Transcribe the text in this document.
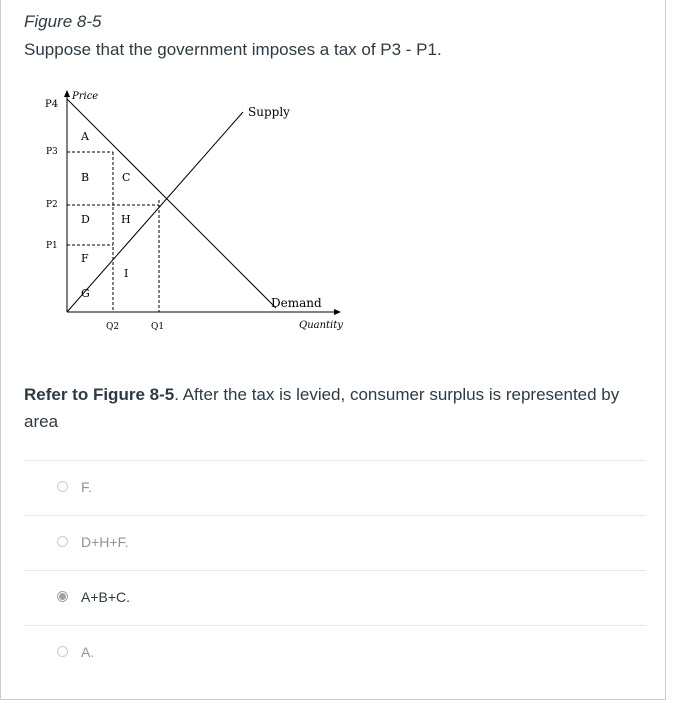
Figure 8-5
Suppose that the government imposes a tax of P3 - P1.
Price
Quantity
P4
P3
P2
P1
Q2	Q1
Supply
Demand
A
B	C
D	H
F
I
G
Refer to Figure 8-5. After the tax is levied, consumer surplus is represented by area
F.
D+H+F.
A+B+C.
A.
